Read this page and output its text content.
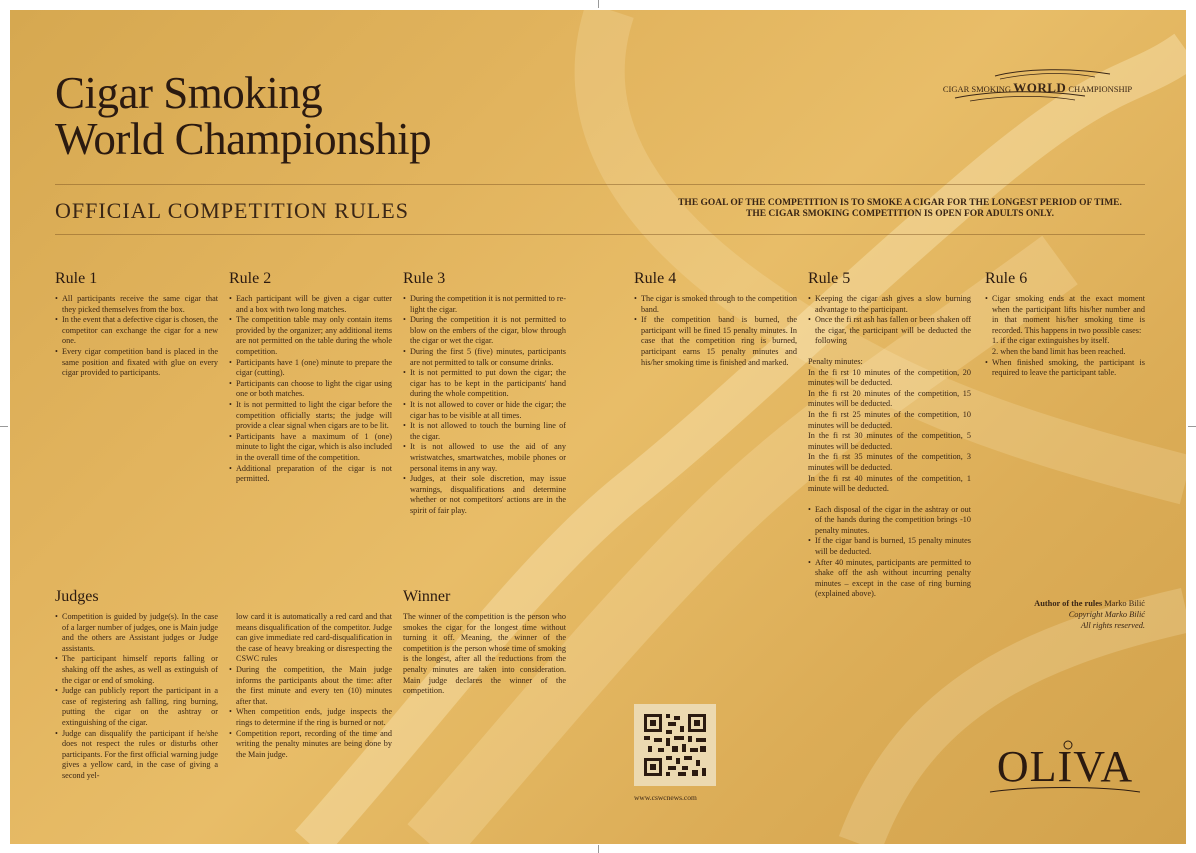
Cigar Smoking
World Championship
OFFICIAL COMPETITION RULES	THE GOAL OF THE COMPETITION IS TO SMOKE A CIGAR FOR THE LONGEST PERIOD OF TIME.
THE CIGAR SMOKING COMPETITION IS OPEN FOR ADULTS ONLY.
CIGAR SMOKING WORLD CHAMPIONSHIP
Rule 1
• All participants receive the same cigar that they picked themselves from the box.
• In the event that a defective cigar is chosen, the competitor can exchange the cigar for a new one.
• Every cigar competition band is placed in the same position and fixated with glue on every cigar provided to participants.
Rule 2
• Each participant will be given a cigar cutter and a box with two long matches.
• The competition table may only contain items provided by the organizer; any additional items are not permitted on the table during the whole competition.
• Participants have 1 (one) minute to prepare the cigar (cutting).
• Participants can choose to light the cigar using one or both matches.
• It is not permitted to light the cigar before the competition officially starts; the judge will provide a clear signal when cigars are to be lit.
• Participants have a maximum of 1 (one) minute to light the cigar, which is also included in the overall time of the competition.
• Additional preparation of the cigar is not permitted.
Rule 3
• During the competition it is not permitted to re-light the cigar.
• During the competition it is not permitted to blow on the embers of the cigar, blow through the cigar or wet the cigar.
• During the first 5 (five) minutes, participants are not permitted to talk or consume drinks.
• It is not permitted to put down the cigar; the cigar has to be kept in the participants' hand during the whole competition.
• It is not allowed to cover or hide the cigar; the cigar has to be visible at all times.
• It is not allowed to touch the burning line of the cigar.
• It is not allowed to use the aid of any wristwatches, smartwatches, mobile phones or personal items in any way.
• Judges, at their sole discretion, may issue warnings, disqualifications and determine whether or not competitors' actions are in the spirit of fair play.
Rule 4
• The cigar is smoked through to the competition band.
• If the competition band is burned, the participant will be fined 15 penalty minutes. In case that the competition ring is burned, participant earns 15 penalty minutes and his/her smoking time is finished and marked.
Rule 5
• Keeping the cigar ash gives a slow burning advantage to the participant.
• Once the fi rst ash has fallen or been shaken off the cigar, the participant will be deducted the following

Penalty minutes:

In the fi rst 10 minutes of the competition, 20 minutes will be deducted.

In the fi rst 20 minutes of the competition, 15 minutes will be deducted.

In the fi rst 25 minutes of the competition, 10 minutes will be deducted.

In the fi rst 30 minutes of the competition, 5 minutes will be deducted.

In the fi rst 35 minutes of the competition, 3 minutes will be deducted.

In the fi rst 40 minutes of the competition, 1 minute will be deducted.

• Each disposal of the cigar in the ashtray or out of the hands during the competition brings -10 penalty minutes.
• If the cigar band is burned, 15 penalty minutes will be deducted.
• After 40 minutes, participants are permitted to shake off the ash without incurring penalty minutes – except in the case of ring burning (explained above).
Rule 6
• Cigar smoking ends at the exact moment when the participant lifts his/her number and in that moment his/her smoking time is recorded. This happens in two possible cases:
1. if the cigar extinguishes by itself.
2. when the band limit has been reached.
• When finished smoking, the participant is required to leave the participant table.
Judges
• Competition is guided by judge(s). In the case of a larger number of judges, one is Main judge and the others are Assistant judges or Judge assistants.
• The participant himself reports falling or shaking off the ashes, as well as extinguish of the cigar or end of smoking.
• Judge can publicly report the participant in a case of registering ash falling, ring burning, putting the cigar on the ashtray or extinguishing of the cigar.
• Judge can disqualify the participant if he/she does not respect the rules or disturbs other participants. For the first official warning judge gives a yellow card, in the case of giving a second yel-

low card it is automatically a red card and that means disqualification of the competitor. Judge can give immediate red card-disqualification in the case of heavy breaking or disrespecting the CSWC rules

• During the competition, the Main judge informs the participants about the time: after the first minute and every ten (10) minutes after that.
• When competition ends, judge inspects the rings to determine if the ring is burned or not.
• Competition report, recording of the time and writing the penalty minutes are being done by the Main judge.
Winner

The winner of the competition is the person who smokes the cigar for the longest time without turning it off. Meaning, the winner of the competition is the person whose time of smoking is the longest, after all the reductions from the penalty minutes are taken into consideration. Main judge declares the winner of the competition.

www.cswcnews.com
Author of the rules Marko Bilić
Copyright Marko Bilić
All rights reserved.
OLIVA
